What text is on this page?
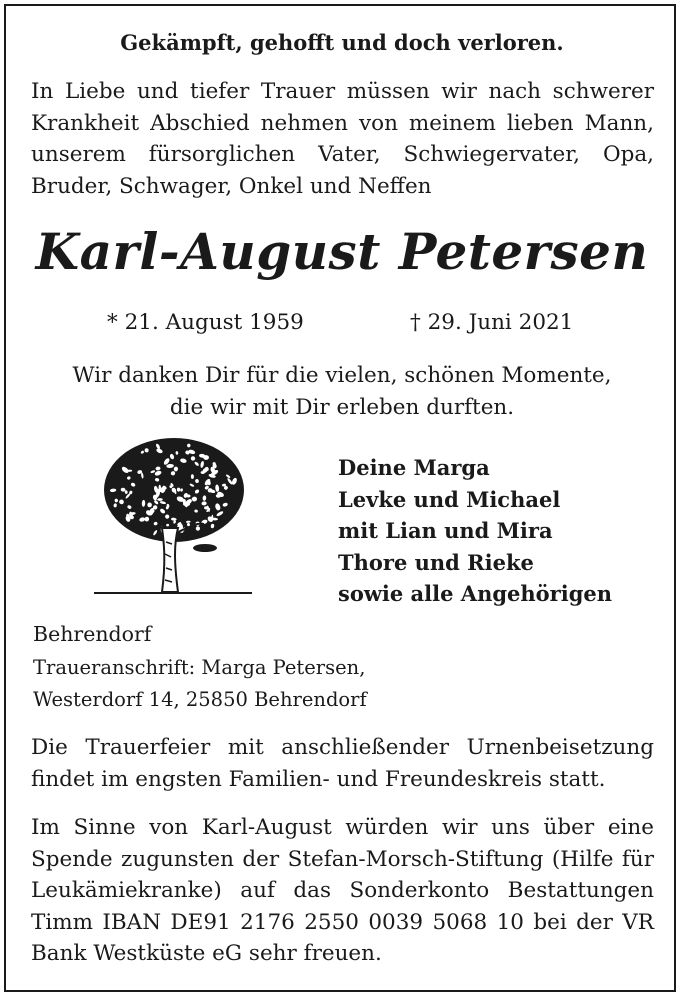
Gekämpft, gehofft und doch verloren.
In Liebe und tiefer Trauer müssen wir nach schwerer
Krankheit Abschied nehmen von meinem lieben Mann,
unserem fürsorglichen Vater, Schwiegervater, Opa,
Bruder, Schwager, Onkel und Neffen
Karl-August Petersen
* 21. August 1959	† 29. Juni 2021
Wir danken Dir für die vielen, schönen Momente,
die wir mit Dir erleben durften.
Deine Marga
Levke und Michael
mit Lian und Mira
Thore und Rieke
sowie alle Angehörigen
Behrendorf
Traueranschrift: Marga Petersen,
Westerdorf 14, 25850 Behrendorf
Die Trauerfeier mit anschließender Urnenbeisetzung
findet im engsten Familien- und Freundeskreis statt.
Im Sinne von Karl-August würden wir uns über eine
Spende zugunsten der Stefan-Morsch-Stiftung (Hilfe für
Leukämiekranke) auf das Sonderkonto Bestattungen
Timm IBAN DE91 2176 2550 0039 5068 10 bei der VR
Bank Westküste eG sehr freuen.
